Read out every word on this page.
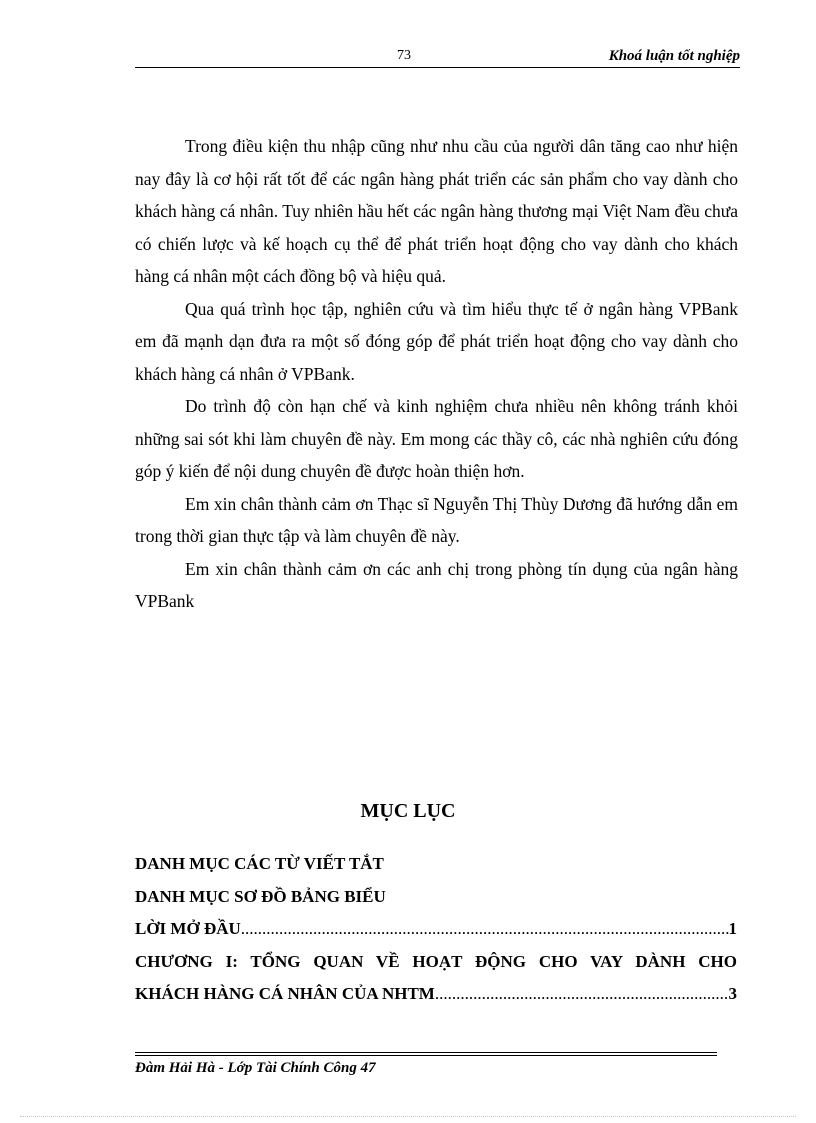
73	Khoá luận tốt nghiệp

Trong điều kiện thu nhập cũng như nhu cầu của người dân tăng cao như hiện nay đây là cơ hội rất tốt để các ngân hàng phát triển các sản phẩm cho vay dành cho khách hàng cá nhân. Tuy nhiên hầu hết các ngân hàng thương mại Việt Nam đều chưa có chiến lược và kế hoạch cụ thể để phát triển hoạt động cho vay dành cho khách hàng cá nhân một cách đồng bộ và hiệu quả.

Qua quá trình học tập, nghiên cứu và tìm hiểu thực tế ở ngân hàng VPBank em đã mạnh dạn đưa ra một số đóng góp để phát triển hoạt động cho vay dành cho khách hàng cá nhân ở VPBank.

Do trình độ còn hạn chế và kinh nghiệm chưa nhiều nên không tránh khỏi những sai sót khi làm chuyên đề này. Em mong các thầy cô, các nhà nghiên cứu đóng góp ý kiến để nội dung chuyên đề được hoàn thiện hơn.

Em xin chân thành cảm ơn Thạc sĩ Nguyễn Thị Thùy Dương đã hướng dẫn em trong thời gian thực tập và làm chuyên đề này.

Em xin chân thành cảm ơn các anh chị trong phòng tín dụng của ngân hàng VPBank

MỤC LỤC
DANH MỤC CÁC TỪ VIẾT TẮT
DANH MỤC SƠ ĐỒ BẢNG BIỂU
LỜI MỞ ĐẦU .....	1
CHƯƠNG I: TỔNG QUAN VỀ HOẠT ĐỘNG CHO VAY DÀNH CHO
KHÁCH HÀNG CÁ NHÂN CỦA NHTM .....	3
Đàm Hải Hà - Lớp Tài Chính Công 47
